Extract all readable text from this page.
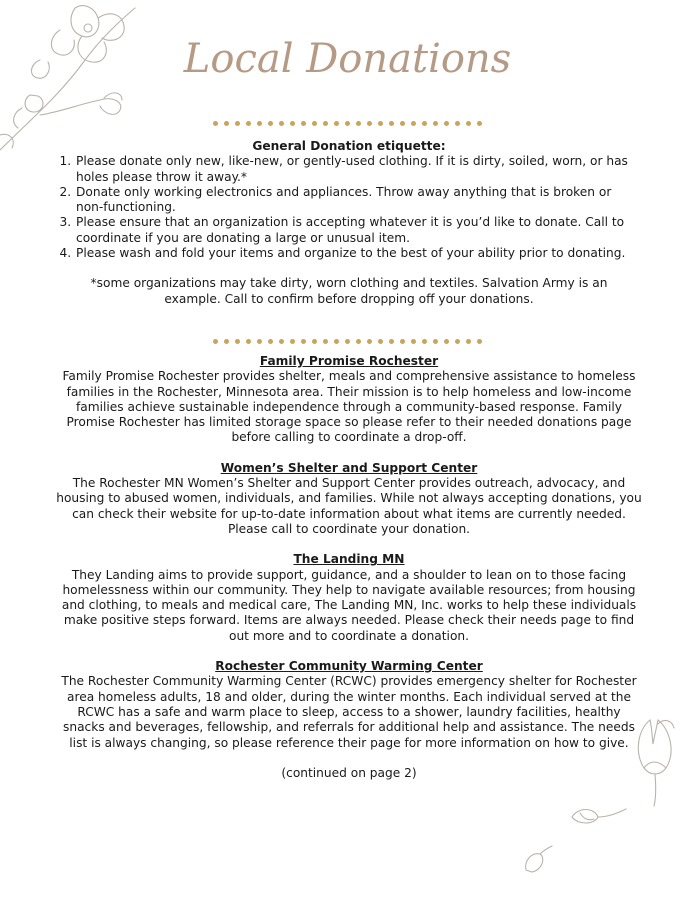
Local Donations
General Donation etiquette:
1. Please donate only new, like-new, or gently-used clothing. If it is dirty, soiled, worn, or has holes please throw it away.*
2. Donate only working electronics and appliances. Throw away anything that is broken or non-functioning.
3. Please ensure that an organization is accepting whatever it is you’d like to donate. Call to coordinate if you are donating a large or unusual item.
4. Please wash and fold your items and organize to the best of your ability prior to donating.
*some organizations may take dirty, worn clothing and textiles. Salvation Army is an example. Call to confirm before dropping off your donations.
Family Promise Rochester
Family Promise Rochester provides shelter, meals and comprehensive assistance to homeless families in the Rochester, Minnesota area. Their mission is to help homeless and low-income families achieve sustainable independence through a community-based response. Family Promise Rochester has limited storage space so please refer to their needed donations page before calling to coordinate a drop-off.
Women’s Shelter and Support Center
The Rochester MN Women’s Shelter and Support Center provides outreach, advocacy, and housing to abused women, individuals, and families. While not always accepting donations, you can check their website for up-to-date information about what items are currently needed. Please call to coordinate your donation.
The Landing MN
They Landing aims to provide support, guidance, and a shoulder to lean on to those facing homelessness within our community. They help to navigate available resources; from housing and clothing, to meals and medical care, The Landing MN, Inc. works to help these individuals make positive steps forward. Items are always needed. Please check their needs page to find out more and to coordinate a donation.
Rochester Community Warming Center
The Rochester Community Warming Center (RCWC) provides emergency shelter for Rochester area homeless adults, 18 and older, during the winter months. Each individual served at the RCWC has a safe and warm place to sleep, access to a shower, laundry facilities, healthy snacks and beverages, fellowship, and referrals for additional help and assistance. The needs list is always changing, so please reference their page for more information on how to give.
(continued on page 2)
